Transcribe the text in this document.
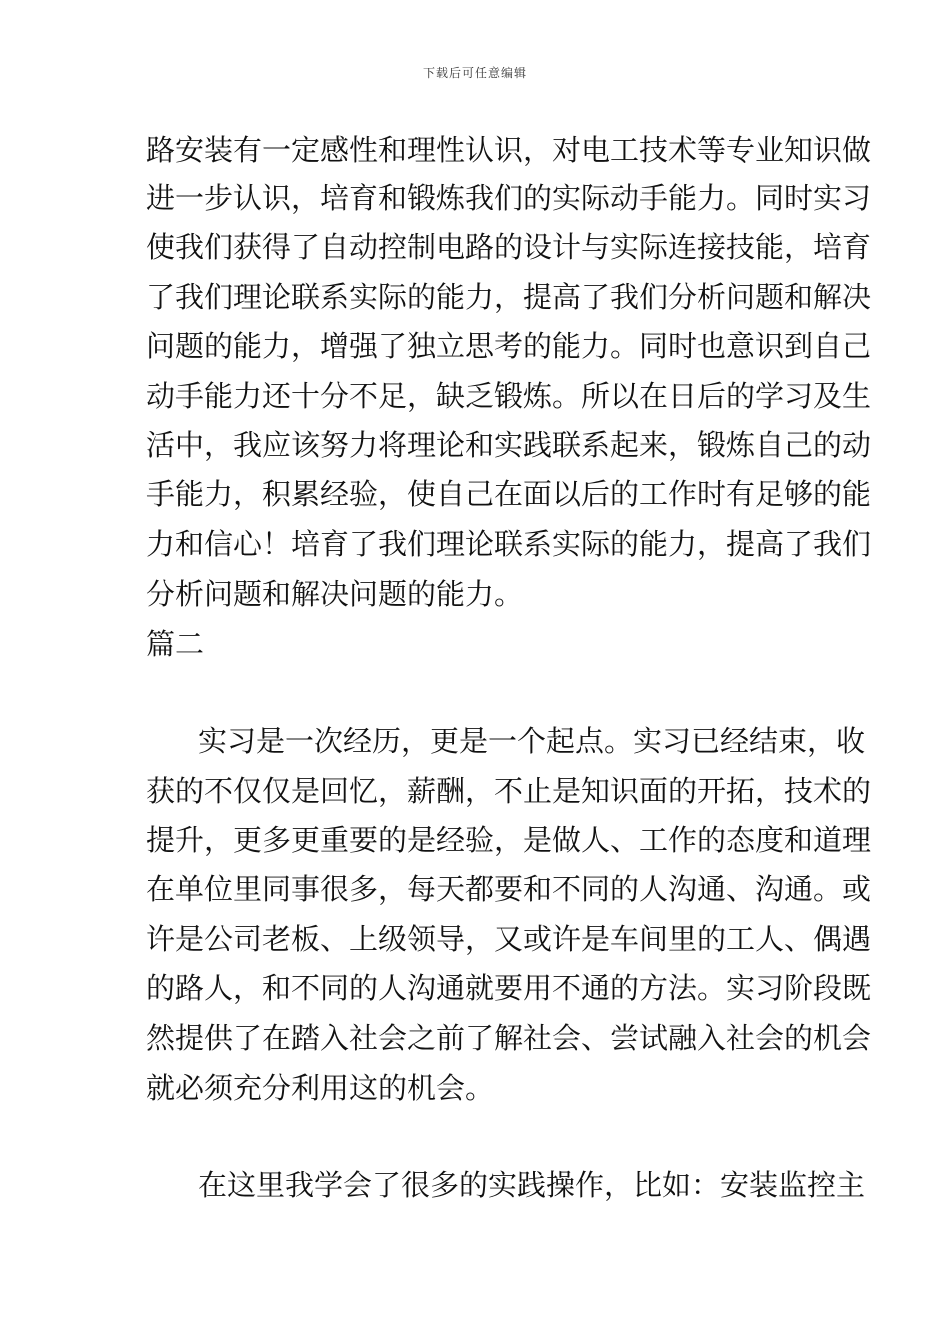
下载后可任意编辑
路安装有一定感性和理性认识，对电工技术等专业知识做
进一步认识，培育和锻炼我们的实际动手能力。同时实习
使我们获得了自动控制电路的设计与实际连接技能，培育
了我们理论联系实际的能力，提高了我们分析问题和解决
问题的能力，增强了独立思考的能力。同时也意识到自己
动手能力还十分不足，缺乏锻炼。所以在日后的学习及生
活中，我应该努力将理论和实践联系起来，锻炼自己的动
手能力，积累经验，使自己在面以后的工作时有足够的能
力和信心！培育了我们理论联系实际的能力，提高了我们
分析问题和解决问题的能力。
篇二
实习是一次经历，更是一个起点。实习已经结束，收
获的不仅仅是回忆，薪酬，不止是知识面的开拓，技术的
提升，更多更重要的是经验，是做人、工作的态度和道理
在单位里同事很多，每天都要和不同的人沟通、沟通。或
许是公司老板、上级领导，又或许是车间里的工人、偶遇
的路人，和不同的人沟通就要用不通的方法。实习阶段既
然提供了在踏入社会之前了解社会、尝试融入社会的机会
就必须充分利用这的机会。
在这里我学会了很多的实践操作，比如：安装监控主
